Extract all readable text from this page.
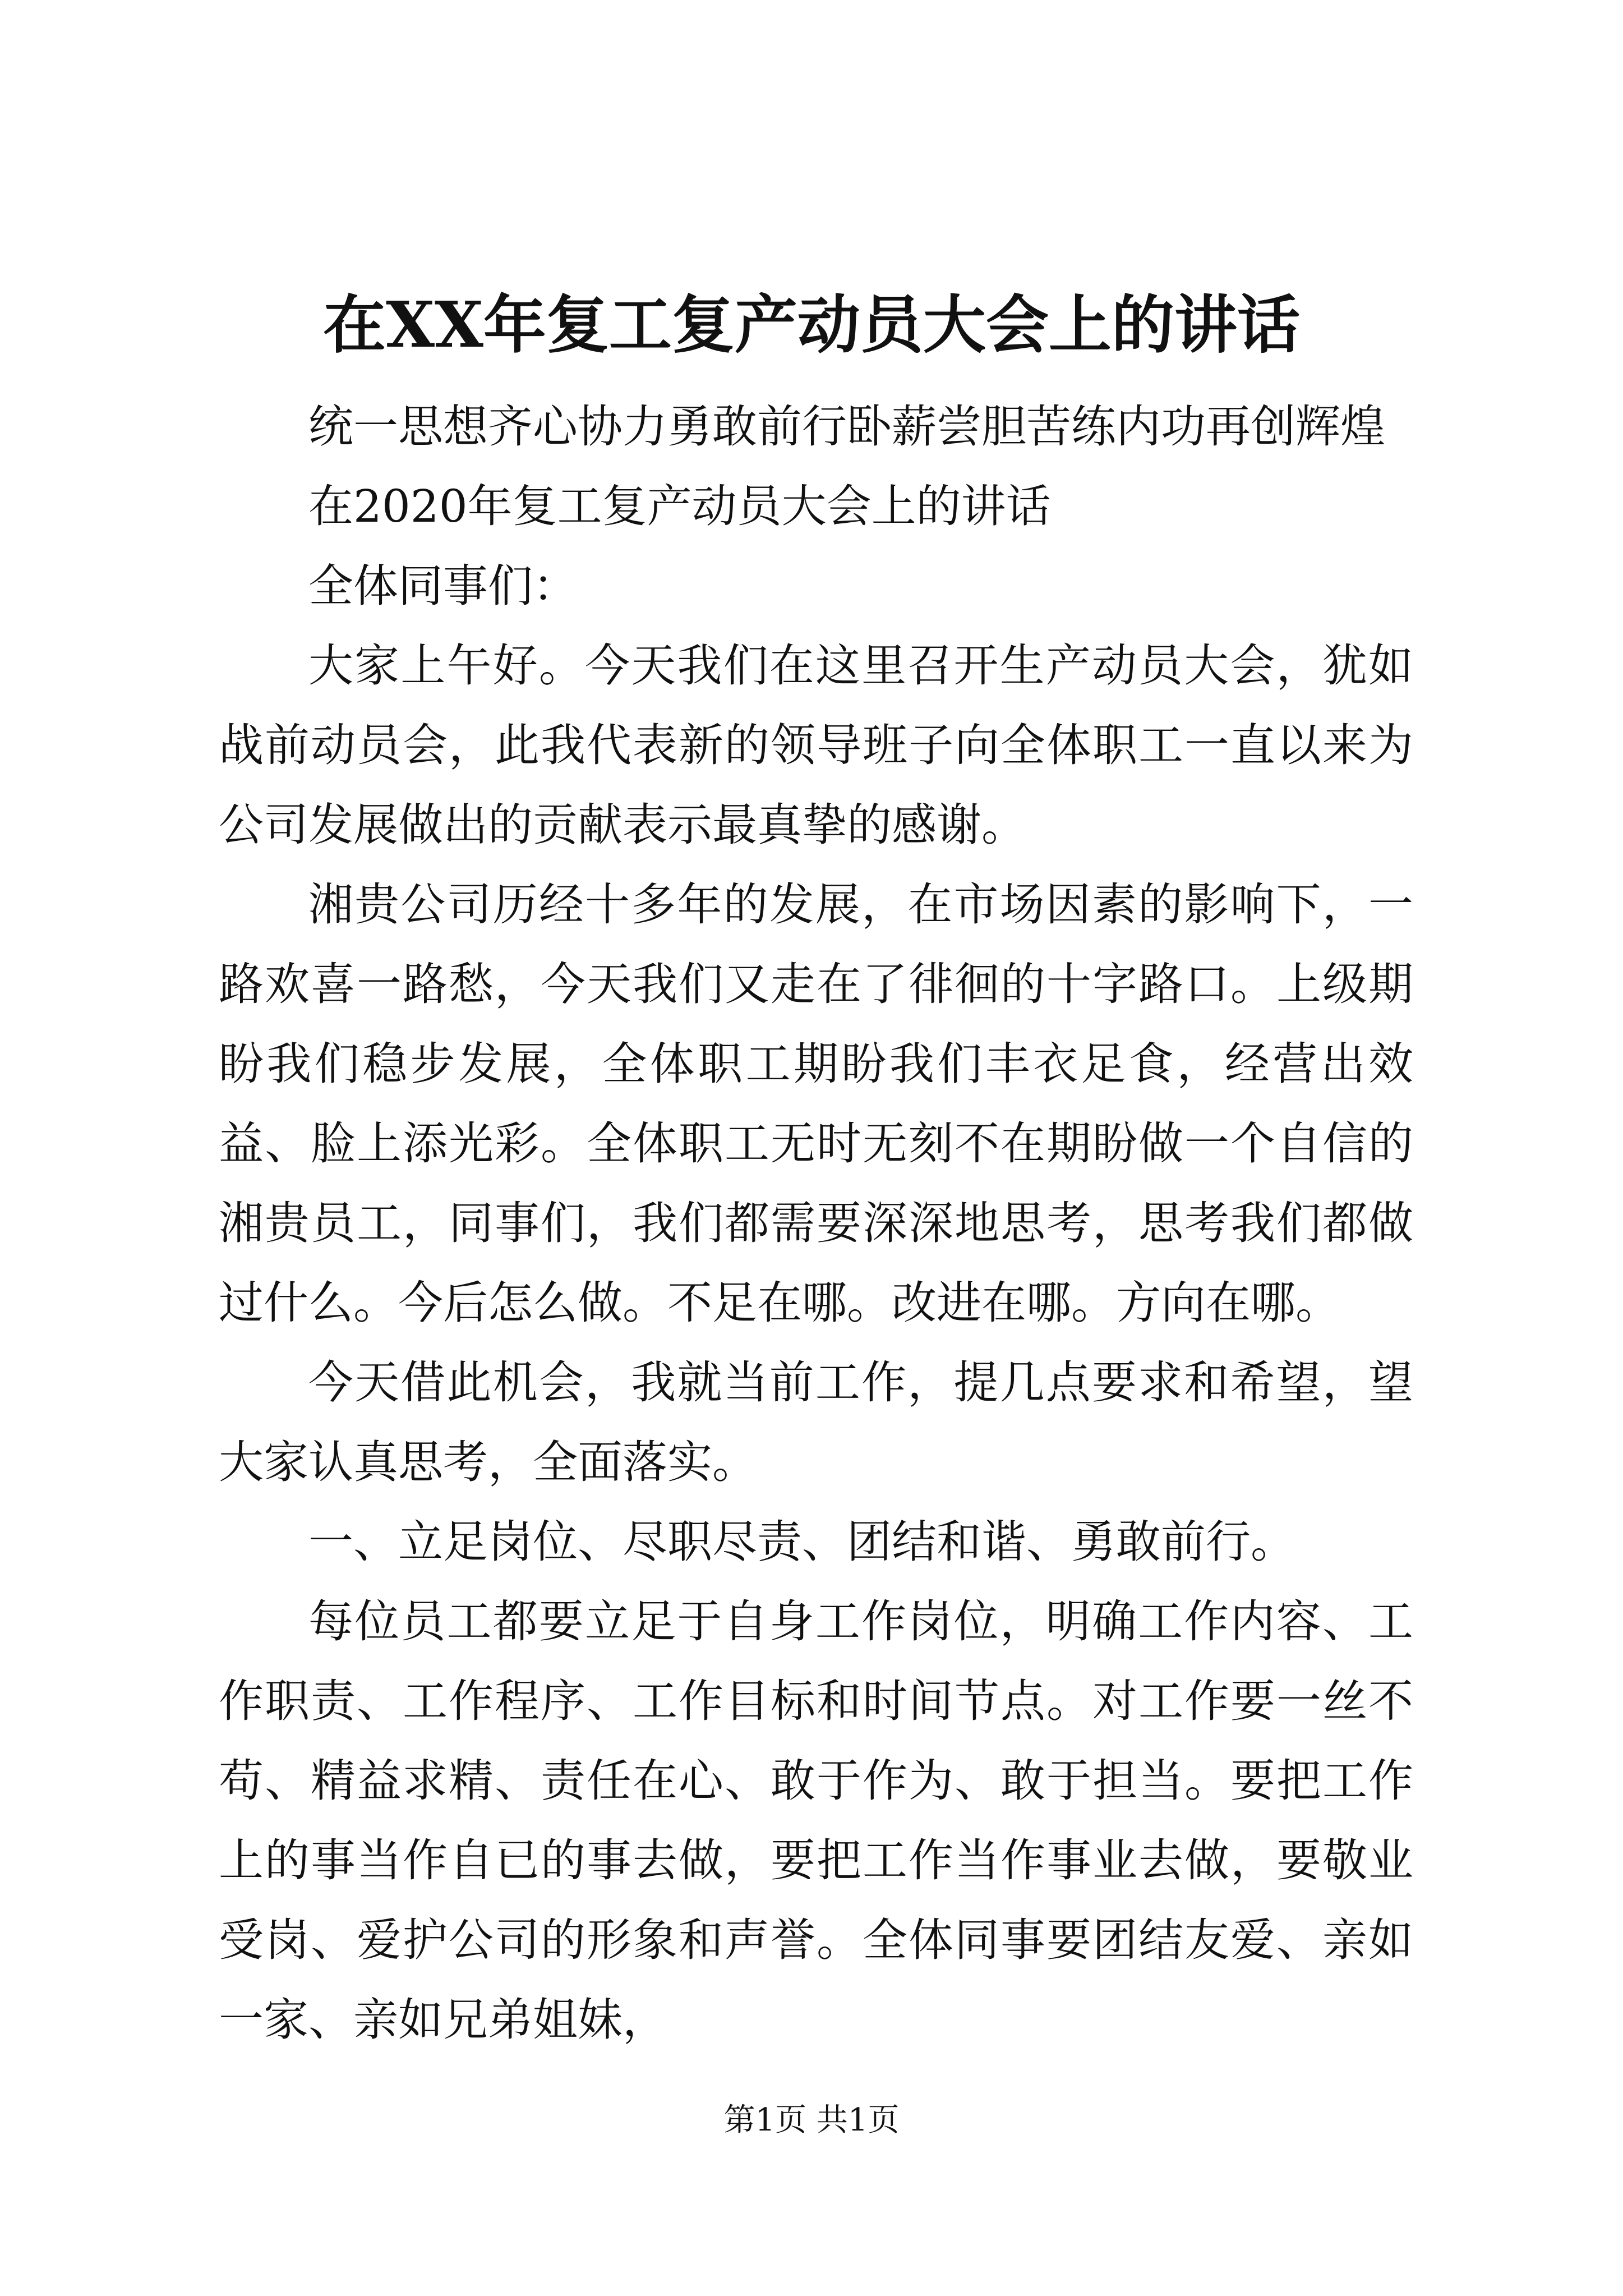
在XX年复工复产动员大会上的讲话

统一思想齐心协力勇敢前行卧薪尝胆苦练内功再创辉煌

在2020年复工复产动员大会上的讲话

全体同事们：

大家上午好。今天我们在这里召开生产动员大会，犹如战前动员会，此我代表新的领导班子向全体职工一直以来为公司发展做出的贡献表示最真挚的感谢。

湘贵公司历经十多年的发展，在市场因素的影响下，一路欢喜一路愁，今天我们又走在了徘徊的十字路口。上级期盼我们稳步发展，全体职工期盼我们丰衣足食，经营出效益、脸上添光彩。全体职工无时无刻不在期盼做一个自信的湘贵员工，同事们，我们都需要深深地思考，思考我们都做过什么。今后怎么做。不足在哪。改进在哪。方向在哪。

今天借此机会，我就当前工作，提几点要求和希望，望大家认真思考，全面落实。

一、立足岗位、尽职尽责、团结和谐、勇敢前行。

每位员工都要立足于自身工作岗位，明确工作内容、工作职责、工作程序、工作目标和时间节点。对工作要一丝不苟、精益求精、责任在心、敢于作为、敢于担当。要把工作上的事当作自已的事去做，要把工作当作事业去做，要敬业受岗、爱护公司的形象和声誉。全体同事要团结友爱、亲如一家、亲如兄弟姐妹，

第1页 共1页
